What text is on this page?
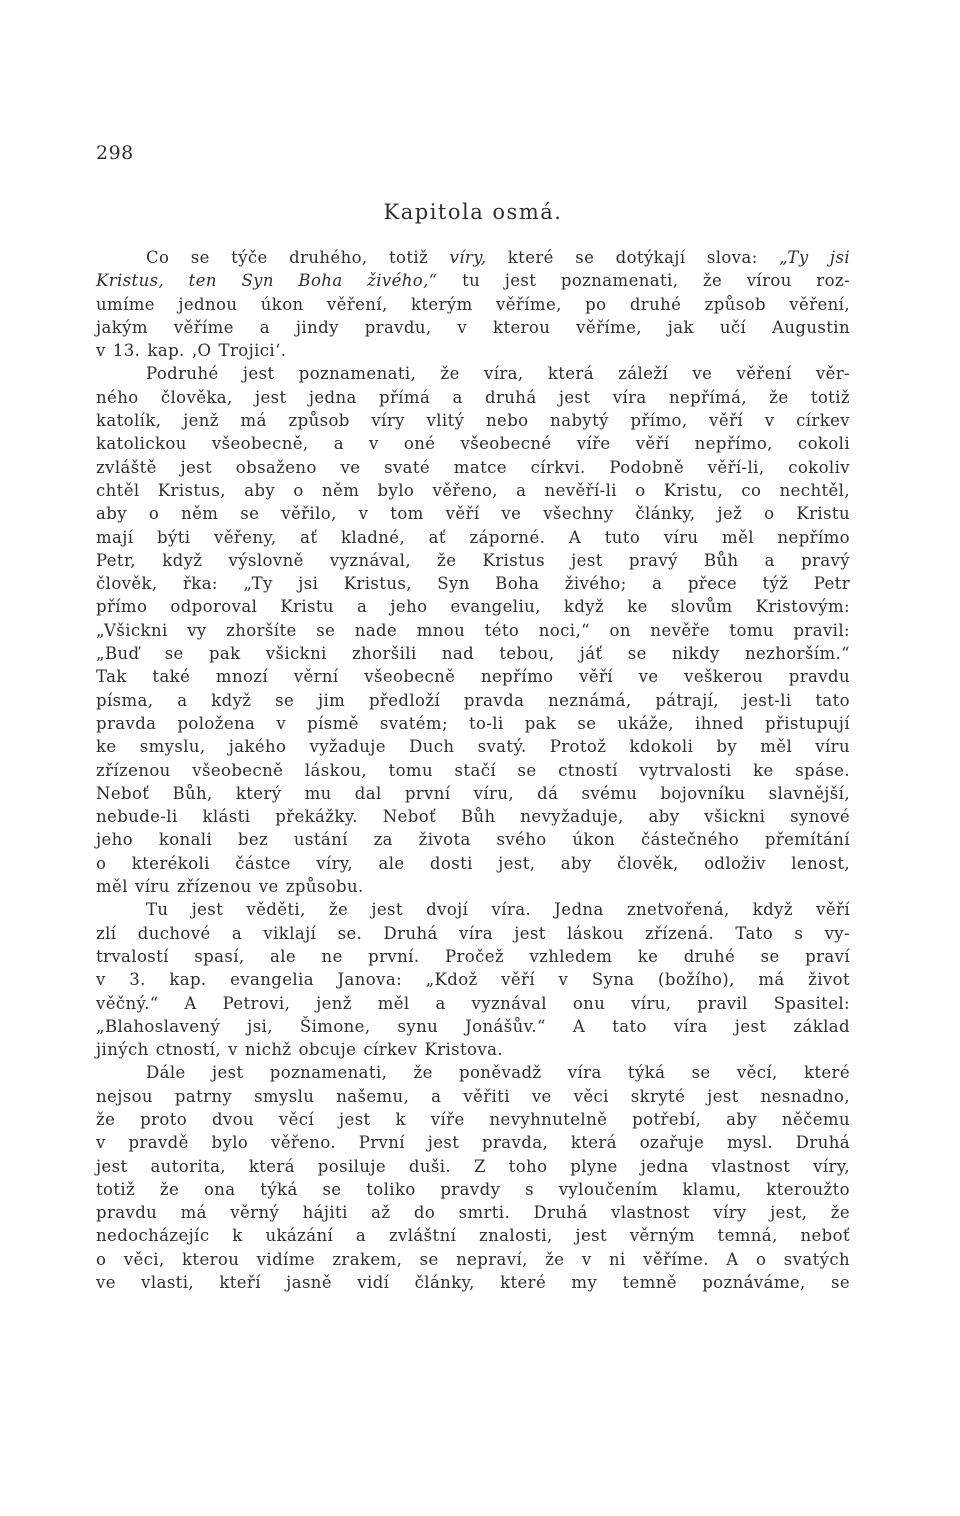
298
Kapitola osmá.
Co se týče druhého, totiž víry, které se dotýkají slova: „Ty jsi
Kristus, ten Syn Boha živého,“ tu jest poznamenati, že vírou roz-
umíme jednou úkon věření, kterým věříme, po druhé způsob věření,
jakým věříme a jindy pravdu, v kterou věříme, jak učí Augustin
v 13. kap. ‚O Trojici‘.
Podruhé jest poznamenati, že víra, která záleží ve věření věr-
ného člověka, jest jedna přímá a druhá jest víra nepřímá, že totiž
katolík, jenž má způsob víry vlitý nebo nabytý přímo, věří v církev
katolickou všeobecně, a v oné všeobecné víře věří nepřímo, cokoli
zvláště jest obsaženo ve svaté matce církvi. Podobně věří-li, cokoliv
chtěl Kristus, aby o něm bylo věřeno, a nevěří-li o Kristu, co nechtěl,
aby o něm se věřilo, v tom věří ve všechny články, jež o Kristu
mají býti věřeny, ať kladné, ať záporné. A tuto víru měl nepřímo
Petr, když výslovně vyznával, že Kristus jest pravý Bůh a pravý
člověk, řka: „Ty jsi Kristus, Syn Boha živého; a přece týž Petr
přímo odporoval Kristu a jeho evangeliu, když ke slovům Kristovým:
„Všickni vy zhoršíte se nade mnou této noci,“ on nevěře tomu pravil:
„Buď se pak všickni zhoršili nad tebou, jáť se nikdy nezhorším.“
Tak také mnozí věrní všeobecně nepřímo věří ve veškerou pravdu
písma, a když se jim předloží pravda neznámá, pátrají, jest-li tato
pravda položena v písmě svatém; to-li pak se ukáže, ihned přistupují
ke smyslu, jakého vyžaduje Duch svatý. Protož kdokoli by měl víru
zřízenou všeobecně láskou, tomu stačí se ctností vytrvalosti ke spáse.
Neboť Bůh, který mu dal první víru, dá svému bojovníku slavnější,
nebude-li klásti překážky. Neboť Bůh nevyžaduje, aby všickni synové
jeho konali bez ustání za života svého úkon částečného přemítání
o kterékoli částce víry, ale dosti jest, aby člověk, odloživ lenost,
měl víru zřízenou ve způsobu.
Tu jest věděti, že jest dvojí víra. Jedna znetvořená, když věří
zlí duchové a viklají se. Druhá víra jest láskou zřízená. Tato s vy-
trvalostí spasí, ale ne první. Pročež vzhledem ke druhé se praví
v 3. kap. evangelia Janova: „Kdož věří v Syna (božího), má život
věčný.“ A Petrovi, jenž měl a vyznával onu víru, pravil Spasitel:
„Blahoslavený jsi, Šimone, synu Jonášův.“ A tato víra jest základ
jiných ctností, v nichž obcuje církev Kristova.
Dále jest poznamenati, že poněvadž víra týká se věcí, které
nejsou patrny smyslu našemu, a věřiti ve věci skryté jest nesnadno,
že proto dvou věcí jest k víře nevyhnutelně potřebí, aby něčemu
v pravdě bylo věřeno. První jest pravda, která ozařuje mysl. Druhá
jest autorita, která posiluje duši. Z toho plyne jedna vlastnost víry,
totiž že ona týká se toliko pravdy s vyloučením klamu, kteroužto
pravdu má věrný hájiti až do smrti. Druhá vlastnost víry jest, že
nedocházejíc k ukázání a zvláštní znalosti, jest věrným temná, neboť
o věci, kterou vidíme zrakem, se nepraví, že v ni věříme. A o svatých
ve vlasti, kteří jasně vidí články, které my temně poznáváme, se
